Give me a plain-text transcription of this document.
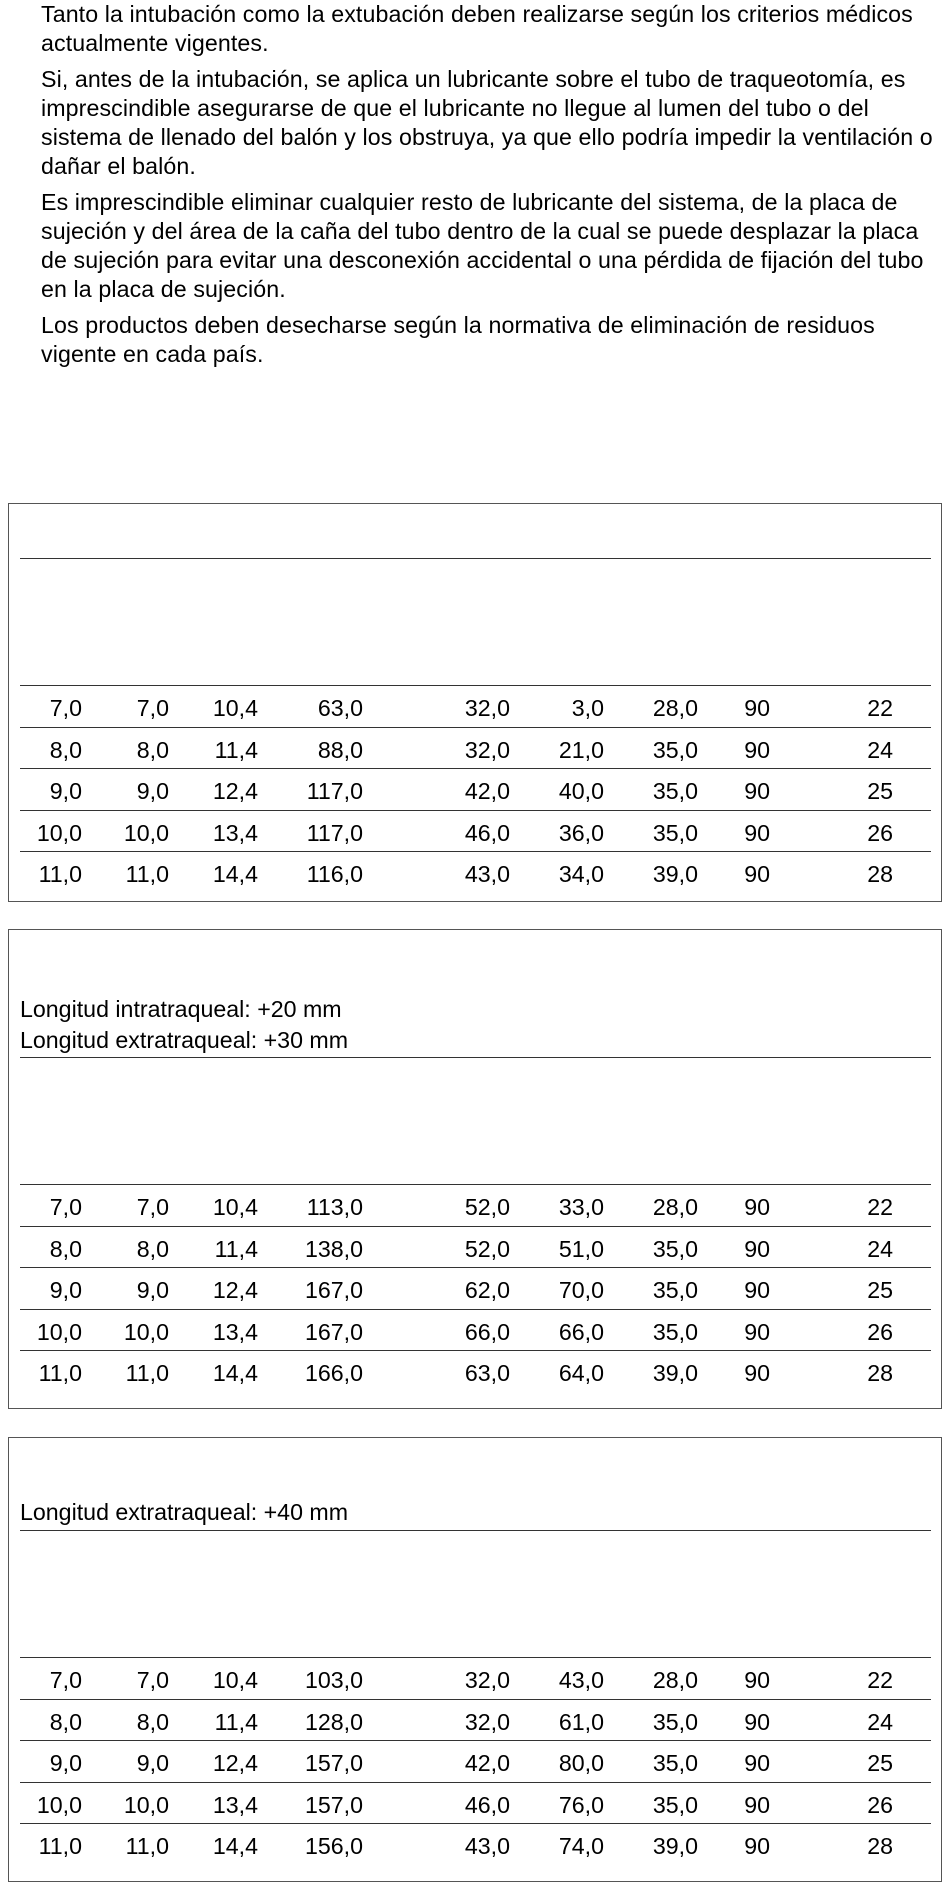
Tanto la intubación como la extubación deben realizarse según los criterios médicos actualmente vigentes.

Si, antes de la intubación, se aplica un lubricante sobre el tubo de traqueotomía, es imprescindible asegurarse de que el lubricante no llegue al lumen del tubo o del sistema de llenado del balón y los obstruya, ya que ello podría impedir la ventilación o dañar el balón.

Es imprescindible eliminar cualquier resto de lubricante del sistema, de la placa de sujeción y del área de la caña del tubo dentro de la cual se puede desplazar la placa de sujeción para evitar una desconexión accidental o una pérdida de fijación del tubo en la placa de sujeción.

Los productos deben desecharse según la normativa de eliminación de residuos vigente en cada país.

7,0 7,0 10,4	63,0	32,0	3,0 28,0 90	22
8,0 8,0 11,4	88,0	32,0 21,0 35,0 90	24
9,0 9,0 12,4 117,0	42,0 40,0 35,0 90	25
10,0 10,0 13,4 117,0	46,0 36,0 35,0 90	26
11,0 11,0 14,4 116,0	43,0 34,0 39,0 90	28
Longitud intratraqueal: +20 mm
Longitud extratraqueal: +30 mm
7,0 7,0 10,4 113,0	52,0 33,0 28,0 90	22
8,0 8,0 11,4 138,0	52,0 51,0 35,0 90	24
9,0 9,0 12,4 167,0	62,0 70,0 35,0 90	25
10,0 10,0 13,4 167,0	66,0 66,0 35,0 90	26
11,0 11,0 14,4 166,0	63,0 64,0 39,0 90	28
Longitud extratraqueal: +40 mm
7,0 7,0 10,4 103,0	32,0 43,0 28,0 90	22
8,0 8,0 11,4 128,0	32,0 61,0 35,0 90	24
9,0 9,0 12,4 157,0	42,0 80,0 35,0 90	25
10,0 10,0 13,4 157,0	46,0 76,0 35,0 90	26
11,0 11,0 14,4 156,0	43,0 74,0 39,0 90	28
